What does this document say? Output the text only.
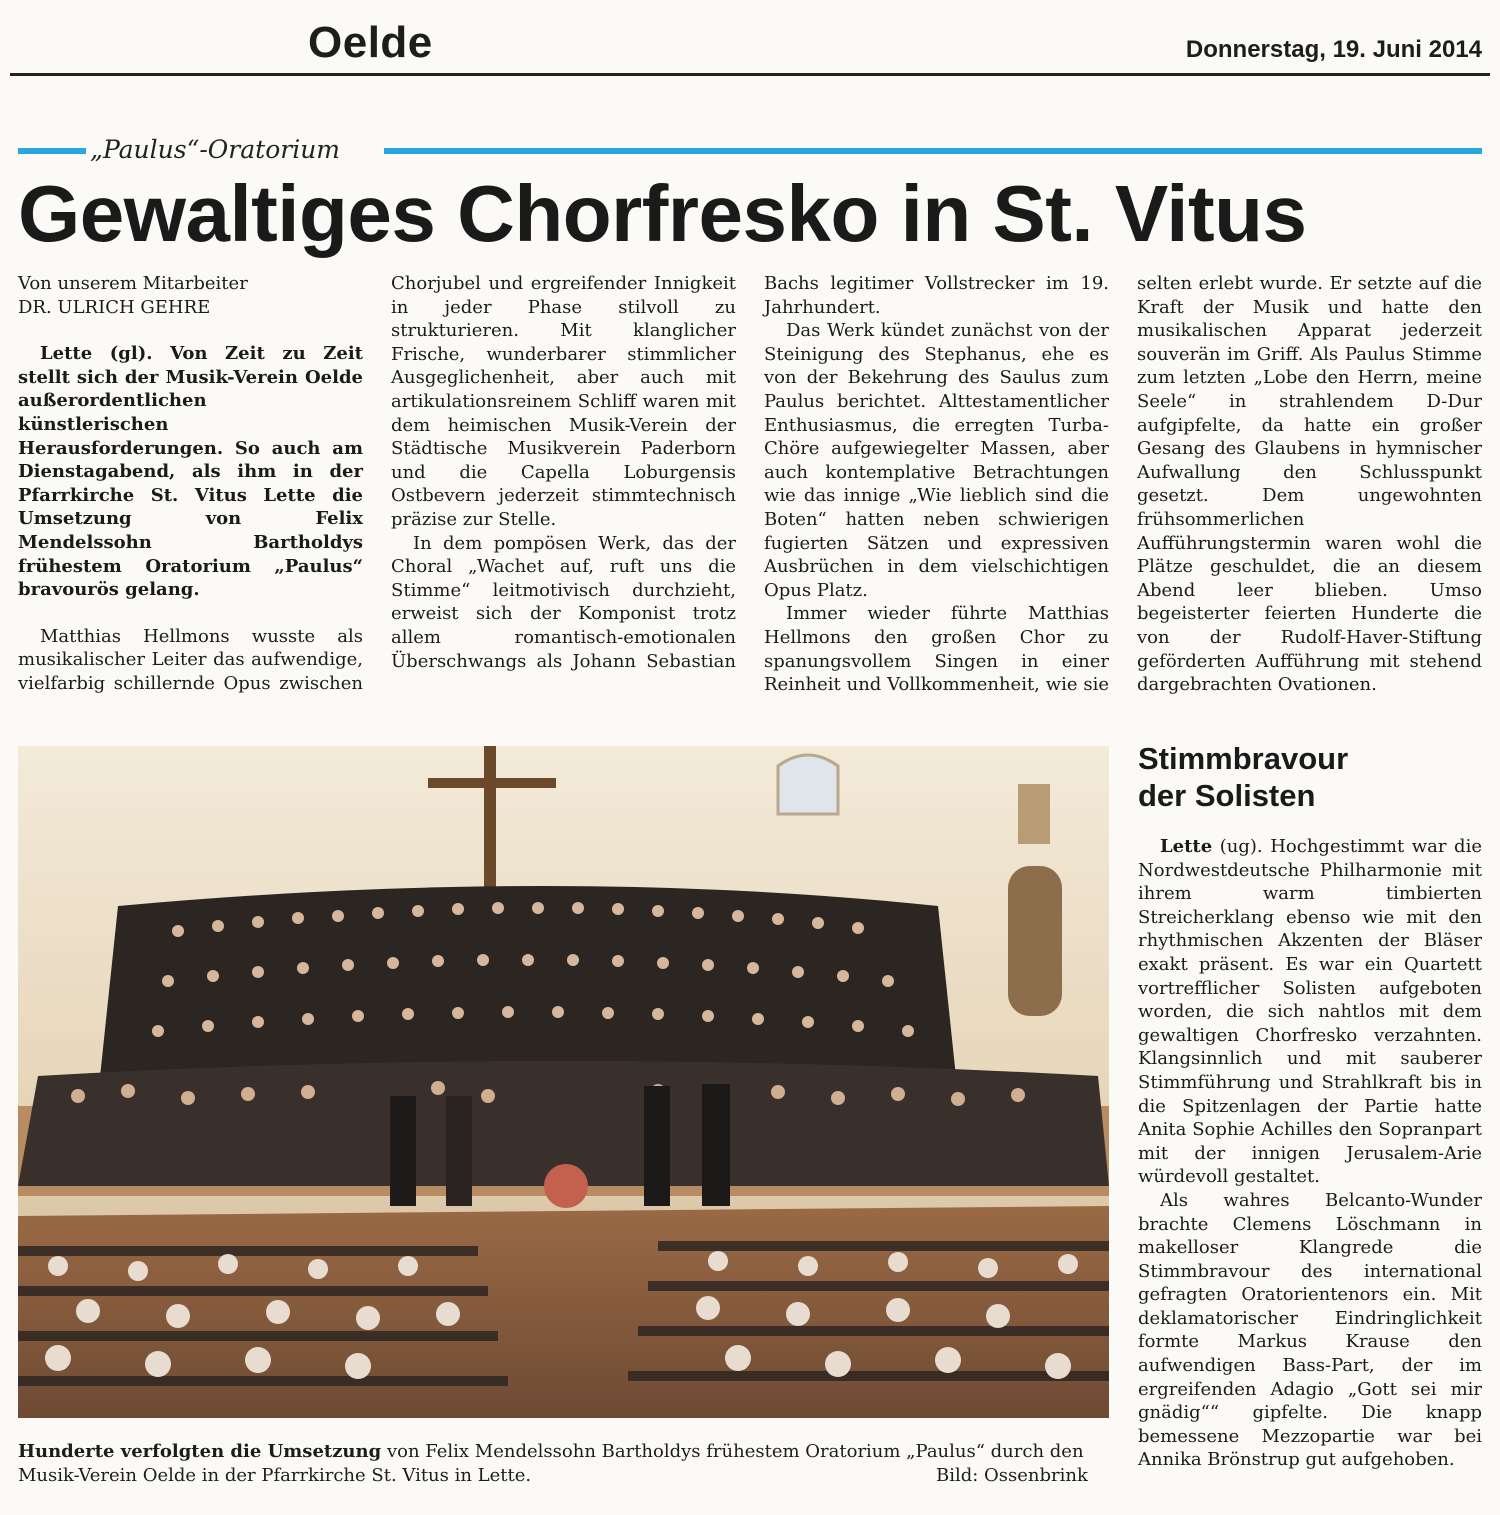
Oelde	Donnerstag, 19. Juni 2014
„Paulus“-Oratorium
Gewaltiges Chorfresko in St. Vitus
Von unserem Mitarbeiter
DR. ULRICH GEHRE

Lette (gl). Von Zeit zu Zeit stellt sich der Musik-Verein Oelde außerordentlichen künstlerischen Herausforderungen. So auch am Dienstagabend, als ihm in der Pfarrkirche St. Vitus Lette die Umsetzung von Felix Mendelssohn Bartholdys frühestem Oratorium „Paulus“ bravourös gelang.

Matthias Hellmons wusste als musikalischer Leiter das aufwendige, vielfarbig schillernde Opus zwischen Chorjubel und ergreifender Innigkeit in jeder Phase stilvoll zu strukturieren. Mit klanglicher Frische, wunderbarer stimmlicher Ausgeglichenheit, aber auch mit artikulationsreinem Schliff waren mit dem heimischen Musik-Verein der Städtische Musikverein Paderborn und die Capella Loburgensis Ostbevern jederzeit stimmtechnisch präzise zur Stelle.

In dem pompösen Werk, das der Choral „Wachet auf, ruft uns die Stimme“ leitmotivisch durchzieht, erweist sich der Komponist trotz allem romantisch-emotionalen Überschwangs als Johann Sebastian Bachs legitimer Vollstrecker im 19. Jahrhundert.

Das Werk kündet zunächst von der Steinigung des Stephanus, ehe es von der Bekehrung des Saulus zum Paulus berichtet. Alttestamentlicher Enthusiasmus, die erregten Turba-Chöre aufgewiegelter Massen, aber auch kontemplative Betrachtungen wie das innige „Wie lieblich sind die Boten“ hatten neben schwierigen fugierten Sätzen und expressiven Ausbrüchen in dem vielschichtigen Opus Platz.

Immer wieder führte Matthias Hellmons den großen Chor zu spanungsvollem Singen in einer Reinheit und Vollkommenheit, wie sie selten erlebt wurde. Er setzte auf die Kraft der Musik und hatte den musikalischen Apparat jederzeit souverän im Griff. Als Paulus Stimme zum letzten „Lobe den Herrn, meine Seele“ in strahlendem D-Dur aufgipfelte, da hatte ein großer Gesang des Glaubens in hymnischer Aufwallung den Schlusspunkt gesetzt. Dem ungewohnten frühsommerlichen Aufführungstermin waren wohl die Plätze geschuldet, die an diesem Abend leer blieben. Umso begeisterter feierten Hunderte die von der Rudolf-Haver-Stiftung geförderten Aufführung mit stehend dargebrachten Ovationen.

Hunderte verfolgten die Umsetzung von Felix Mendelssohn Bartholdys frühestem Oratorium „Paulus“ durch den Musik-Verein Oelde in der Pfarrkirche St. Vitus in Lette.	Bild: Ossenbrink
Stimmbravour der Solisten

Lette (ug). Hochgestimmt war die Nordwestdeutsche Philharmonie mit ihrem warm timbierten Streicherklang ebenso wie mit den rhythmischen Akzenten der Bläser exakt präsent. Es war ein Quartett vortrefflicher Solisten aufgeboten worden, die sich nahtlos mit dem gewaltigen Chorfresko verzahnten. Klangsinnlich und mit sauberer Stimmführung und Strahlkraft bis in die Spitzenlagen der Partie hatte Anita Sophie Achilles den Sopranpart mit der innigen Jerusalem-Arie würdevoll gestaltet.

Als wahres Belcanto-Wunder brachte Clemens Löschmann in makelloser Klangrede die Stimmbravour des international gefragten Oratorientenors ein. Mit deklamatorischer Eindringlichkeit formte Markus Krause den aufwendigen Bass-Part, der im ergreifenden Adagio „Gott sei mir gnädig““ gipfelte. Die knapp bemessene Mezzopartie war bei Annika Brönstrup gut aufgehoben.
